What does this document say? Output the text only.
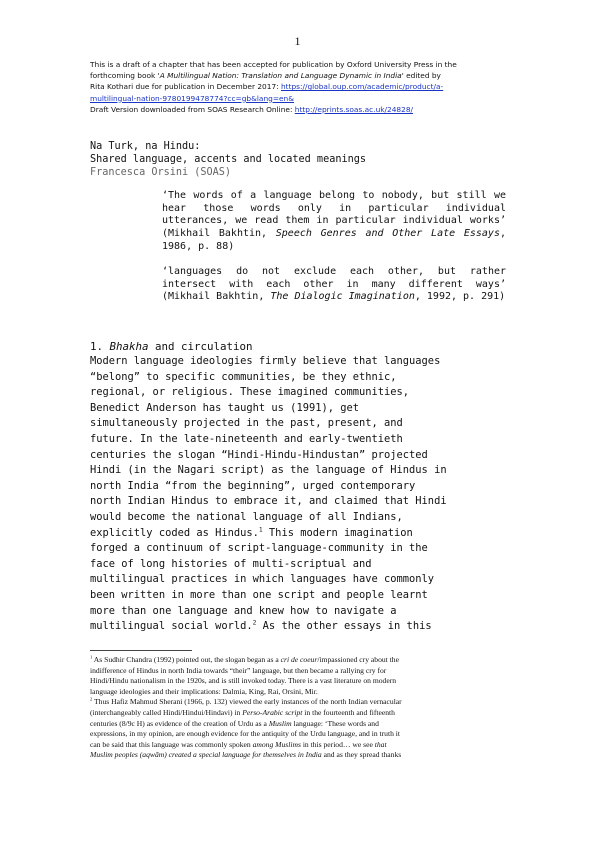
1

This is a draft of a chapter that has been accepted for publication by Oxford University Press in the

forthcoming book 'A Multilingual Nation: Translation and Language Dynamic in India' edited by

Rita Kothari due for publication in December 2017: https://global.oup.com/academic/product/a-

multilingual-nation-9780199478774?cc=gb&lang=en&

Draft Version downloaded from SOAS Research Online: http://eprints.soas.ac.uk/24828/

Na Turk, na Hindu:
Shared language, accents and located meanings
Francesca Orsini (SOAS)

‘The words of a language belong to nobody, but still we hear those words only in particular individual utterances, we read them in particular individual works’ (Mikhail Bakhtin, Speech Genres and Other Late Essays, 1986, p. 88)

‘languages do not exclude each other, but rather intersect with each other in many different ways’ (Mikhail Bakhtin, The Dialogic Imagination, 1992, p. 291)

1. Bhakha and circulation
Modern language ideologies firmly believe that languages
“belong” to specific communities, be they ethnic,
regional, or religious. These imagined communities,
Benedict Anderson has taught us (1991), get
simultaneously projected in the past, present, and
future. In the late-nineteenth and early-twentieth
centuries the slogan “Hindi-Hindu-Hindustan” projected
Hindi (in the Nagari script) as the language of Hindus in
north India “from the beginning”, urged contemporary
north Indian Hindus to embrace it, and claimed that Hindi
would become the national language of all Indians,
explicitly coded as Hindus.$^1$ This modern imagination
forged a continuum of script-language-community in the
face of long histories of multi-scriptual and
multilingual practices in which languages have commonly
been written in more than one script and people learnt
more than one language and knew how to navigate a
multilingual social world.$^2$ As the other essays in this
$^1$ As Sudhir Chandra (1992) pointed out, the slogan began as a cri de coeur/impassioned cry about the
indifference of Hindus in north India towards “their” language, but then became a rallying cry for
Hindi/Hindu nationalism in the 1920s, and is still invoked today. There is a vast literature on modern
language ideologies and their implications: Dalmia, King, Rai, Orsini, Mir.
$^2$ Thus Hafiz Mahmud Sherani (1966, p. 132) viewed the early instances of the north Indian vernacular
(interchangeably called Hindi/Hindui/Hindavi) in Perso-Arabic script in the fourteenth and fifteenth
centuries (8/9c H) as evidence of the creation of Urdu as a Muslim language: ‘These words and
expressions, in my opinion, are enough evidence for the antiquity of the Urdu language, and in truth it
can be said that this language was commonly spoken among Muslims in this period… we see that
Muslim peoples (aqwām) created a special language for themselves in India and as they spread thanks
